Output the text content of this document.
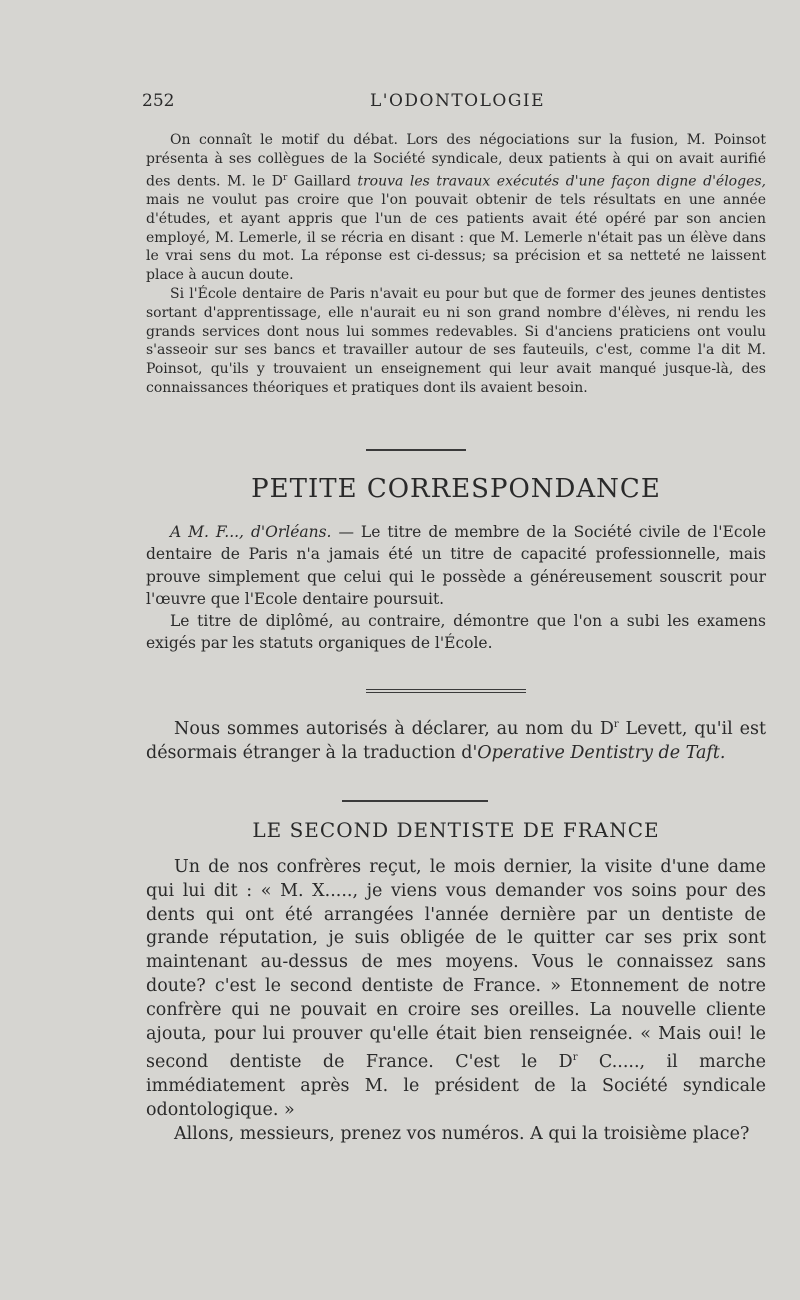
252	L'ODONTOLOGIE

On connaît le motif du débat. Lors des négociations sur la fusion, M. Poinsot présenta à ses collègues de la Société syndicale, deux patients à qui on avait aurifié des dents. M. le $D^r$ Gaillard trouva les travaux exécutés d'une façon digne d'éloges, mais ne voulut pas croire que l'on pouvait obtenir de tels résultats en une année d'études, et ayant appris que l'un de ces patients avait été opéré par son ancien employé, M. Lemerle, il se récria en disant : que M. Lemerle n'était pas un élève dans le vrai sens du mot. La réponse est ci-dessus; sa précision et sa netteté ne laissent place à aucun doute.

Si l'École dentaire de Paris n'avait eu pour but que de former des jeunes dentistes sortant d'apprentissage, elle n'aurait eu ni son grand nombre d'élèves, ni rendu les grands services dont nous lui sommes redevables. Si d'anciens praticiens ont voulu s'asseoir sur ses bancs et travailler autour de ses fauteuils, c'est, comme l'a dit M. Poinsot, qu'ils y trouvaient un enseignement qui leur avait manqué jusque-là, des connaissances théoriques et pratiques dont ils avaient besoin.

PETITE CORRESPONDANCE

A M. F..., d'Orléans. — Le titre de membre de la Société civile de l'Ecole dentaire de Paris n'a jamais été un titre de capacité professionnelle, mais prouve simplement que celui qui le possède a généreusement souscrit pour l'œuvre que l'Ecole dentaire poursuit.

Le titre de diplômé, au contraire, démontre que l'on a subi les examens exigés par les statuts organiques de l'École.

Nous sommes autorisés à déclarer, au nom du $D^r$ Levett, qu'il est désormais étranger à la traduction d'Operative Dentistry de Taft.

LE SECOND DENTISTE DE FRANCE

Un de nos confrères reçut, le mois dernier, la visite d'une dame qui lui dit : « M. X....., je viens vous demander vos soins pour des dents qui ont été arrangées l'année dernière par un dentiste de grande réputation, je suis obligée de le quitter car ses prix sont maintenant au-dessus de mes moyens. Vous le connaissez sans doute? c'est le second dentiste de France. » Etonnement de notre confrère qui ne pouvait en croire ses oreilles. La nouvelle cliente ajouta, pour lui prouver qu'elle était bien renseignée. « Mais oui! le second dentiste de France. C'est le $D^r$ C....., il marche immédiatement après M. le président de la Société syndicale odontologique. »

Allons, messieurs, prenez vos numéros. A qui la troisième place?
